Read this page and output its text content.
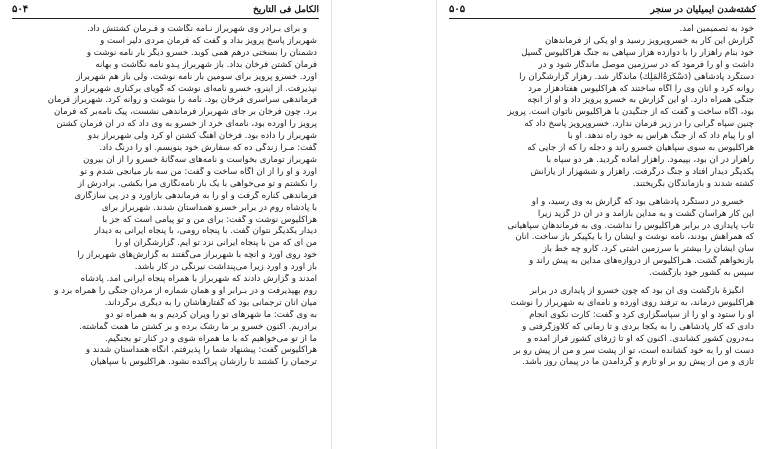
الكامل فى التاريخ
۵۰۴
و برای بـرادر وی شهربراز نـامه نگاشت و فـرمان کشتنش داد.
شهربراز پاسخ پرویز بداد و گفت که فرمان مردی دلیر است و
دشمنان را بسختی درهم همی کوبد. خسرو دیگر بار نامه نوشت و
فرمان کشتن فرخان بداد. باز شهربراز پـدو نامه نگاشت و بهانه
آورد. خسرو پرویز برای سومین بار نامه نوشت. ولی باز هم شهربراز
نپذیرفت. از اینرو، خسرو نامه‌ای نوشت که گویای برکناری شهربراز و
فرماندهی سراسری فرخان بود. نامه را بنوشت و روانه کرد. شهربراز فرمان
برد. چون فرخان بر جای شهربراز فرماندهی نشست، پیک نامه‌بر که فرمان
پرویز را آورده بود، نامه‌ای خرد از خسرو به وی داد که در آن فرمان کشتن
شهربراز را داده بود. فرخان آهنگ کشتن او کرد ولی شهربراز بدو
گفت: مـرا زندگی ده که سفارش خود بنویسم. او را درنگ داد.
شهربراز توماری بخواست و نامه‌های سه‌گانهٔ خسرو را از آن بیرون
آورد و او را از آن آگاه ساخت و گفت: من سه بار میانجی شدم و تو
را نکشتم و تو می‌خواهی با یک بار نامه‌نگاری مرا بکشی. برادرش از
فرماندهی کناره گرفت و او را به فرماندهی بازآورد و در پی سازگاری
با پادشاه روم در برابر خسرو همداستان شدند. شهربراز برای
هراکلیوس نوشت و گفت: برای من و تو پیامی است که جز با
دیدار یکدیگر نتوان گفت. با پنجاه رومی، با پنجاه ایرانی به دیدار
من آی که من با پنجاه ایرانی نزد تو آیم. گزارشگران او را
خود روی آورد و آنچه با شهربراز می‌گفتند به گزارش‌های شهربراز را
باز آورد و آورد زیرا می‌پنداشت نیرنگی در کار باشد.
آمدند و گزارش دادند که شهربراز با همراه پنجاه ایرانی آمد. پادشاه
روم بهپذیرفت و در بـرابر او و همان شماره از مردان جنگی را همراه برد و
میان آنان ترجمانی بود که گفتارهاشان را به دیگری برگرداند.
به وی گفت: ما شهرهای تو را ویران کردیم و به همراه تو دو
برادریم. اکنون خسرو بر ما رشک برده و بر کشتن ما همت گماشته.
ما از تو می‌خواهیم که با ما همراه شوی و در کنار تو بجنگیم.
هراکلیوس گفت: پیشنهاد شما را پذیرفتم. آنگاه همداستان شدند و
ترجمان را کشتند تا رازشان پراکنده نشود. هراکلیوس با سپاهیان
کشته‌شدن ایمیلیان در سنجر
۵۰۵
خود به تصمیمین آمد.
گزارش این کار به خسروپرویز رسید و او یکی از فرماندهان
خود بنام راهزار را با دوازده هزار سپاهی به جنگ هراکلیوس گسیل
داشت و او را فرمود که در سرزمین موصل ماندگار شود و در
دستگرد پادشاهی (دَسْکَرَةُالمَلِك) ماندگار شد. رهزار گزارشگران را
روانه کرد و آنان وی را آگاه ساختند که هراکلیوس هفتادهزار مرد
جنگی همراه دارد. او این گزارش به خسرو پرویز داد و او از آنچه
بود، آگاه ساخت و گفت که از جنگیدن با هراکلیوس ناتوان است. پرویز
چنین سپاه گرانی را در زیر فرمان ندارد. خسروپرویز پاسخ داد که
او را پیام داد که از جنگ هراس به خود راه ندهد. او با
هراکلیوس به سوی سپاهیان خسرو راند و دجله را که از جایی که
راهزار در آن بود، بپیمود. راهزار آماده گردید. هر دو سپاه با
یکدیگر دیدار افتاد و جنگ درگرفت. راهزار و ششهزار از یارانش
کشته شدند و بازماندگان بگریختند.
خسرو در دستگرد پادشاهی بود که گزارش به وی رسید، و او
این کار هراسان گشت و به مداین بازآمد و در آن دژ گزید زیرا
تاب پایداری در برابر هراکلیوس را نداشت. وی به فرماندهان سپاهیانی
که همراهش بودند، نامه نوشت و ایشان را با یکپیکر باز ساخت. آنان
سان ایشان را بیشتر با سرزمین آشتی کرد. کارو چه خط باز
بازنخواهم گشت. هـراکلیوس از دروازه‌های مداین به پیش راند و
سپس به کشور خود بازگشت.
انگیزهٔ بازگشت وی آن بود که چون خسرو از پایداری در برابر
هراکلیوس درماند، به ترفند روی آورده و نامه‌ای به شهربراز را نوشت
او را ستود و او را از سپاسگزاری کرد و گفت: کارت نکوی انجام
دادی که کار پادشاهی را به یکجا بردی و تا زمانی که کلاوزگرفتی و
بـه‌درون کشور کشاندی. اکنون که او تا ژرفای کشور فراز آمده و
دست او را به خود کشانده است، تو از پشت سر و من از پیش رو بر
تازی و من از پیش رو بر او تازم و گردامدن ما در پیمان روز باشد.
